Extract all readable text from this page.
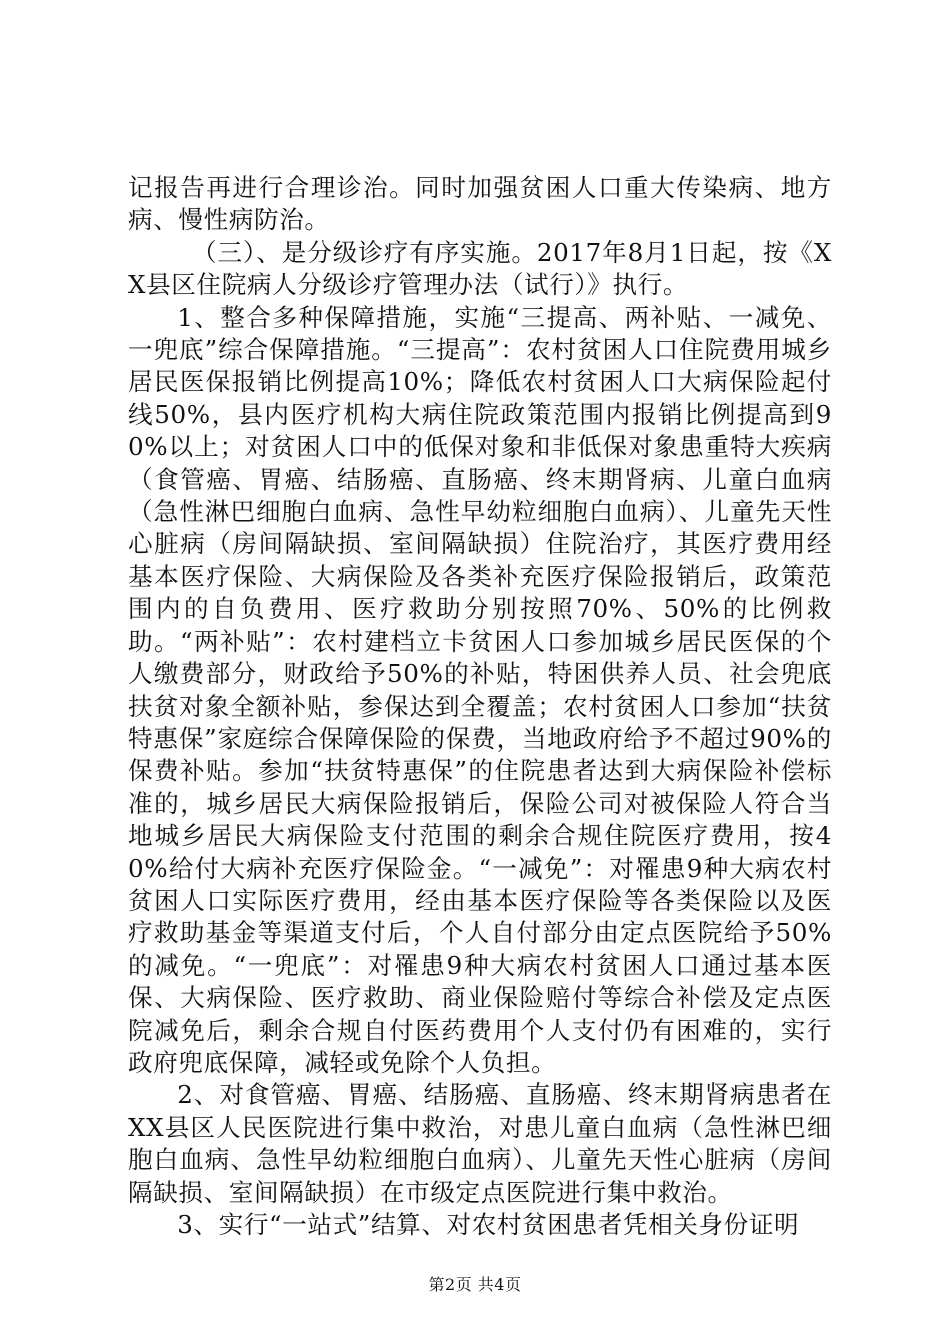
记报告再进行合理诊治。同时加强贫困人口重大传染病、地方病、慢性病防治。

（三）、是分级诊疗有序实施。2017年8月1日起，按《XX县区住院病人分级诊疗管理办法（试行）》执行。

1、整合多种保障措施，实施“三提高、两补贴、一减免、一兜底”综合保障措施。“三提高”：农村贫困人口住院费用城乡居民医保报销比例提高10%；降低农村贫困人口大病保险起付线50%，县内医疗机构大病住院政策范围内报销比例提高到90%以上；对贫困人口中的低保对象和非低保对象患重特大疾病（食管癌、胃癌、结肠癌、直肠癌、终末期肾病、儿童白血病（急性淋巴细胞白血病、急性早幼粒细胞白血病）、儿童先天性心脏病（房间隔缺损、室间隔缺损）住院治疗，其医疗费用经基本医疗保险、大病保险及各类补充医疗保险报销后，政策范围内的自负费用、医疗救助分别按照70%、50%的比例救助。“两补贴”：农村建档立卡贫困人口参加城乡居民医保的个人缴费部分，财政给予50%的补贴，特困供养人员、社会兜底扶贫对象全额补贴，参保达到全覆盖；农村贫困人口参加“扶贫特惠保”家庭综合保障保险的保费，当地政府给予不超过90%的保费补贴。参加“扶贫特惠保”的住院患者达到大病保险补偿标准的，城乡居民大病保险报销后，保险公司对被保险人符合当地城乡居民大病保险支付范围的剩余合规住院医疗费用，按40%给付大病补充医疗保险金。“一减免”：对罹患9种大病农村贫困人口实际医疗费用，经由基本医疗保险等各类保险以及医疗救助基金等渠道支付后，个人自付部分由定点医院给予50%的减免。“一兜底”：对罹患9种大病农村贫困人口通过基本医保、大病保险、医疗救助、商业保险赔付等综合补偿及定点医院减免后，剩余合规自付医药费用个人支付仍有困难的，实行政府兜底保障，减轻或免除个人负担。

2、对食管癌、胃癌、结肠癌、直肠癌、终末期肾病患者在XX县区人民医院进行集中救治，对患儿童白血病（急性淋巴细胞白血病、急性早幼粒细胞白血病）、儿童先天性心脏病（房间隔缺损、室间隔缺损）在市级定点医院进行集中救治。

3、实行“一站式”结算、对农村贫困患者凭相关身份证明

第2页 共4页
